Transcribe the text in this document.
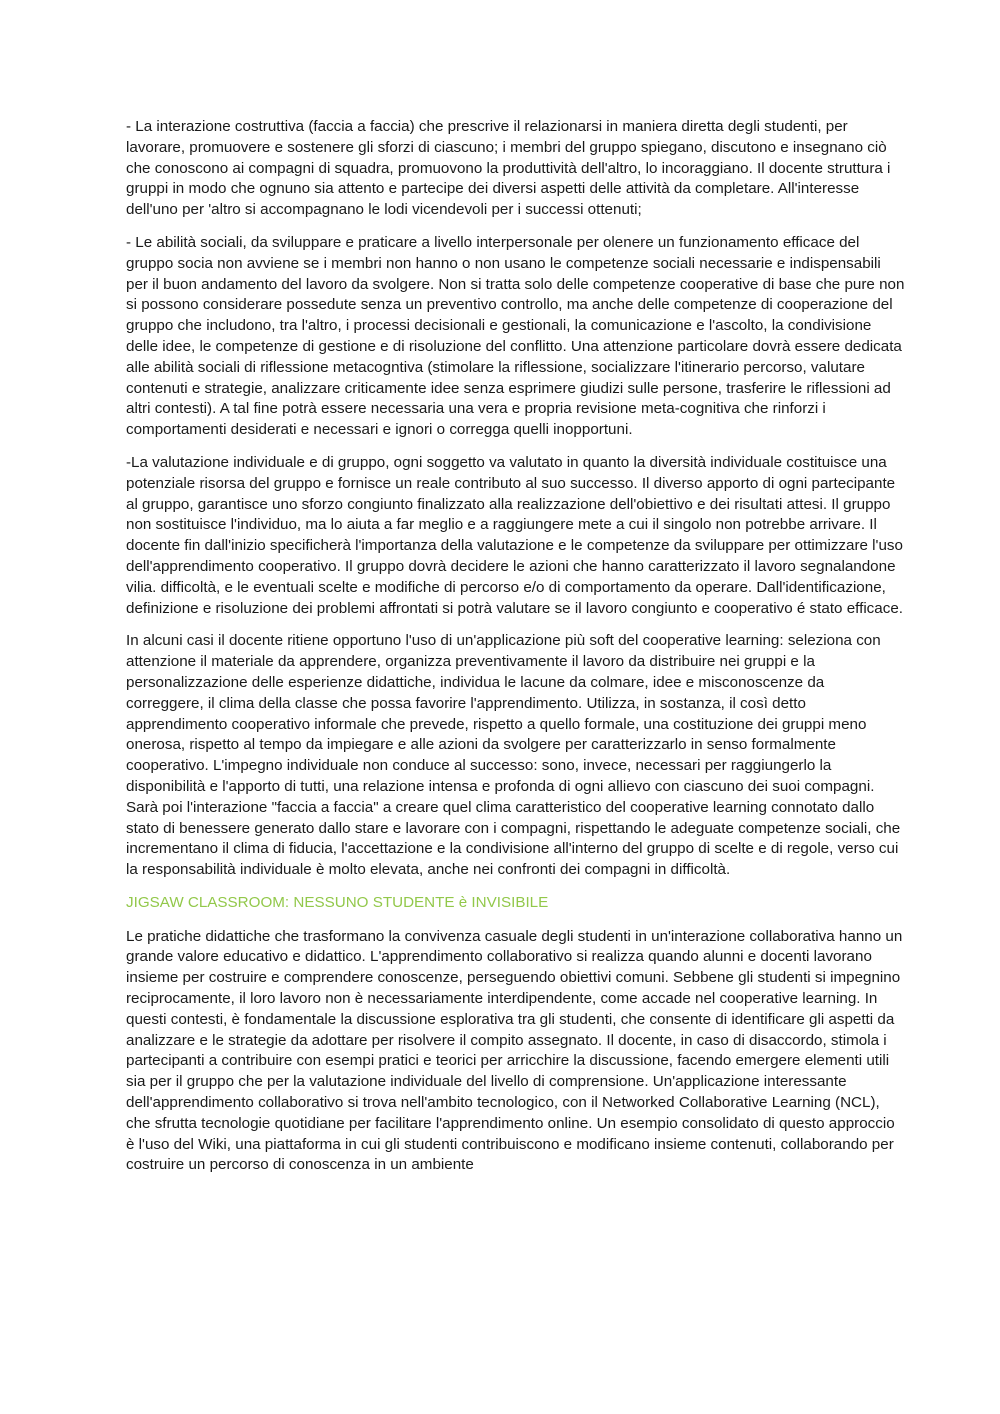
- La interazione costruttiva (faccia a faccia) che prescrive il relazionarsi in maniera diretta degli studenti, per lavorare, promuovere e sostenere gli sforzi di ciascuno; i membri del gruppo spiegano, discutono e insegnano ciò che conoscono ai compagni di squadra, promuovono la produttività dell'altro, lo incoraggiano. Il docente struttura i gruppi in modo che ognuno sia attento e partecipe dei diversi aspetti delle attività da completare. All'interesse dell'uno per 'altro si accompagnano le lodi vicendevoli per i successi ottenuti;

- Le abilità sociali, da sviluppare e praticare a livello interpersonale per olenere un funzionamento efficace del gruppo socia non avviene se i membri non hanno o non usano le competenze sociali necessarie e indispensabili per il buon andamento del lavoro da svolgere. Non si tratta solo delle competenze cooperative di base che pure non si possono considerare possedute senza un preventivo controllo, ma anche delle competenze di cooperazione del gruppo che includono, tra l'altro, i processi decisionali e gestionali, la comunicazione e l'ascolto, la condivisione delle idee, le competenze di gestione e di risoluzione del conflitto. Una attenzione particolare dovrà essere dedicata alle abilità sociali di riflessione metacogntiva (stimolare la riflessione, socializzare l'itinerario percorso, valutare contenuti e strategie, analizzare criticamente idee senza esprimere giudizi sulle persone, trasferire le riflessioni ad altri contesti). A tal fine potrà essere necessaria una vera e propria revisione meta-cognitiva che rinforzi i comportamenti desiderati e necessari e ignori o corregga quelli inopportuni.

-La valutazione individuale e di gruppo, ogni soggetto va valutato in quanto la diversità individuale costituisce una potenziale risorsa del gruppo e fornisce un reale contributo al suo successo. Il diverso apporto di ogni partecipante al gruppo, garantisce uno sforzo congiunto finalizzato alla realizzazione dell'obiettivo e dei risultati attesi. Il gruppo non sostituisce l'individuo, ma lo aiuta a far meglio e a raggiungere mete a cui il singolo non potrebbe arrivare. Il docente fin dall'inizio specificherà l'importanza della valutazione e le competenze da sviluppare per ottimizzare l'uso dell'apprendimento cooperativo. Il gruppo dovrà decidere le azioni che hanno caratterizzato il lavoro segnalandone vilia. difficoltà, e le eventuali scelte e modifiche di percorso e/o di comportamento da operare. Dall'identificazione, definizione e risoluzione dei problemi affrontati si potrà valutare se il lavoro congiunto e cooperativo é stato efficace.

In alcuni casi il docente ritiene opportuno l'uso di un'applicazione più soft del cooperative learning: seleziona con attenzione il materiale da apprendere, organizza preventivamente il lavoro da distribuire nei gruppi e la personalizzazione delle esperienze didattiche, individua le lacune da colmare, idee e misconoscenze da correggere, il clima della classe che possa favorire l'apprendimento. Utilizza, in sostanza, il così detto apprendimento cooperativo informale che prevede, rispetto a quello formale, una costituzione dei gruppi meno onerosa, rispetto al tempo da impiegare e alle azioni da svolgere per caratterizzarlo in senso formalmente cooperativo. L'impegno individuale non conduce al successo: sono, invece, necessari per raggiungerlo la disponibilità e l'apporto di tutti, una relazione intensa e profonda di ogni allievo con ciascuno dei suoi compagni. Sarà poi l'interazione "faccia a faccia" a creare quel clima caratteristico del cooperative learning connotato dallo stato di benessere generato dallo stare e lavorare con i compagni, rispettando le adeguate competenze sociali, che incrementano il clima di fiducia, l'accettazione e la condivisione all'interno del gruppo di scelte e di regole, verso cui la responsabilità individuale è molto elevata, anche nei confronti dei compagni in difficoltà.

JIGSAW CLASSROOM: NESSUNO STUDENTE è INVISIBILE

Le pratiche didattiche che trasformano la convivenza casuale degli studenti in un'interazione collaborativa hanno un grande valore educativo e didattico. L'apprendimento collaborativo si realizza quando alunni e docenti lavorano insieme per costruire e comprendere conoscenze, perseguendo obiettivi comuni. Sebbene gli studenti si impegnino reciprocamente, il loro lavoro non è necessariamente interdipendente, come accade nel cooperative learning. In questi contesti, è fondamentale la discussione esplorativa tra gli studenti, che consente di identificare gli aspetti da analizzare e le strategie da adottare per risolvere il compito assegnato. Il docente, in caso di disaccordo, stimola i partecipanti a contribuire con esempi pratici e teorici per arricchire la discussione, facendo emergere elementi utili sia per il gruppo che per la valutazione individuale del livello di comprensione. Un'applicazione interessante dell'apprendimento collaborativo si trova nell'ambito tecnologico, con il Networked Collaborative Learning (NCL), che sfrutta tecnologie quotidiane per facilitare l'apprendimento online. Un esempio consolidato di questo approccio è l'uso del Wiki, una piattaforma in cui gli studenti contribuiscono e modificano insieme contenuti, collaborando per costruire un percorso di conoscenza in un ambiente
